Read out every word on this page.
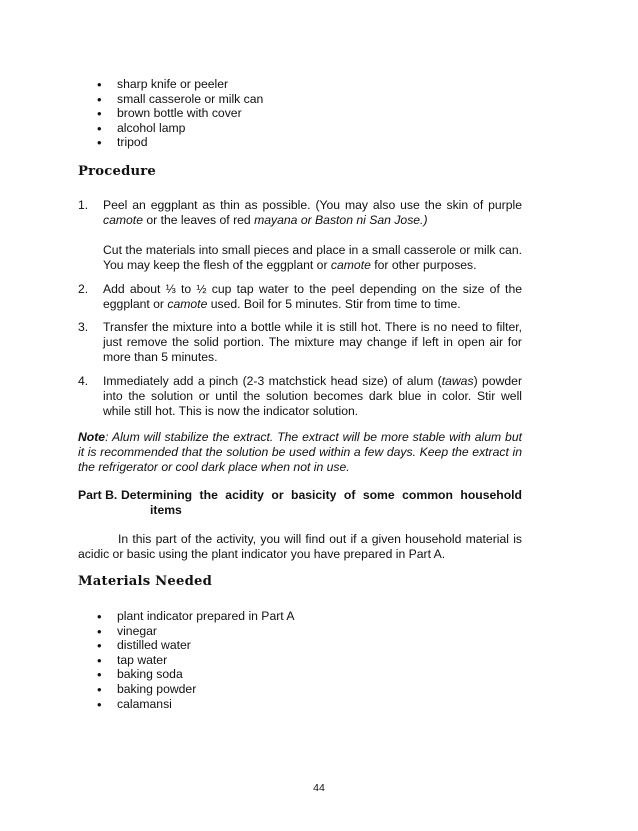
• sharp knife or peeler
• small casserole or milk can
• brown bottle with cover
• alcohol lamp
• tripod
Procedure
1. Peel an eggplant as thin as possible. (You may also use the skin of purple camote or the leaves of red mayana or Baston ni San Jose.)
Cut the materials into small pieces and place in a small casserole or milk can. You may keep the flesh of the eggplant or camote for other purposes.
2. Add about ⅓ to ½ cup tap water to the peel depending on the size of the eggplant or camote used. Boil for 5 minutes. Stir from time to time.
3. Transfer the mixture into a bottle while it is still hot. There is no need to filter, just remove the solid portion. The mixture may change if left in open air for more than 5 minutes.
4. Immediately add a pinch (2-3 matchstick head size) of alum (tawas) powder into the solution or until the solution becomes dark blue in color. Stir well while still hot. This is now the indicator solution.
Note: Alum will stabilize the extract. The extract will be more stable with alum but it is recommended that the solution be used within a few days. Keep the extract in the refrigerator or cool dark place when not in use.
Part B. Determining the acidity or basicity of some common household
items
In this part of the activity, you will find out if a given household material is acidic or basic using the plant indicator you have prepared in Part A.
Materials Needed
• plant indicator prepared in Part A
• vinegar
• distilled water
• tap water
• baking soda
• baking powder
• calamansi
44
